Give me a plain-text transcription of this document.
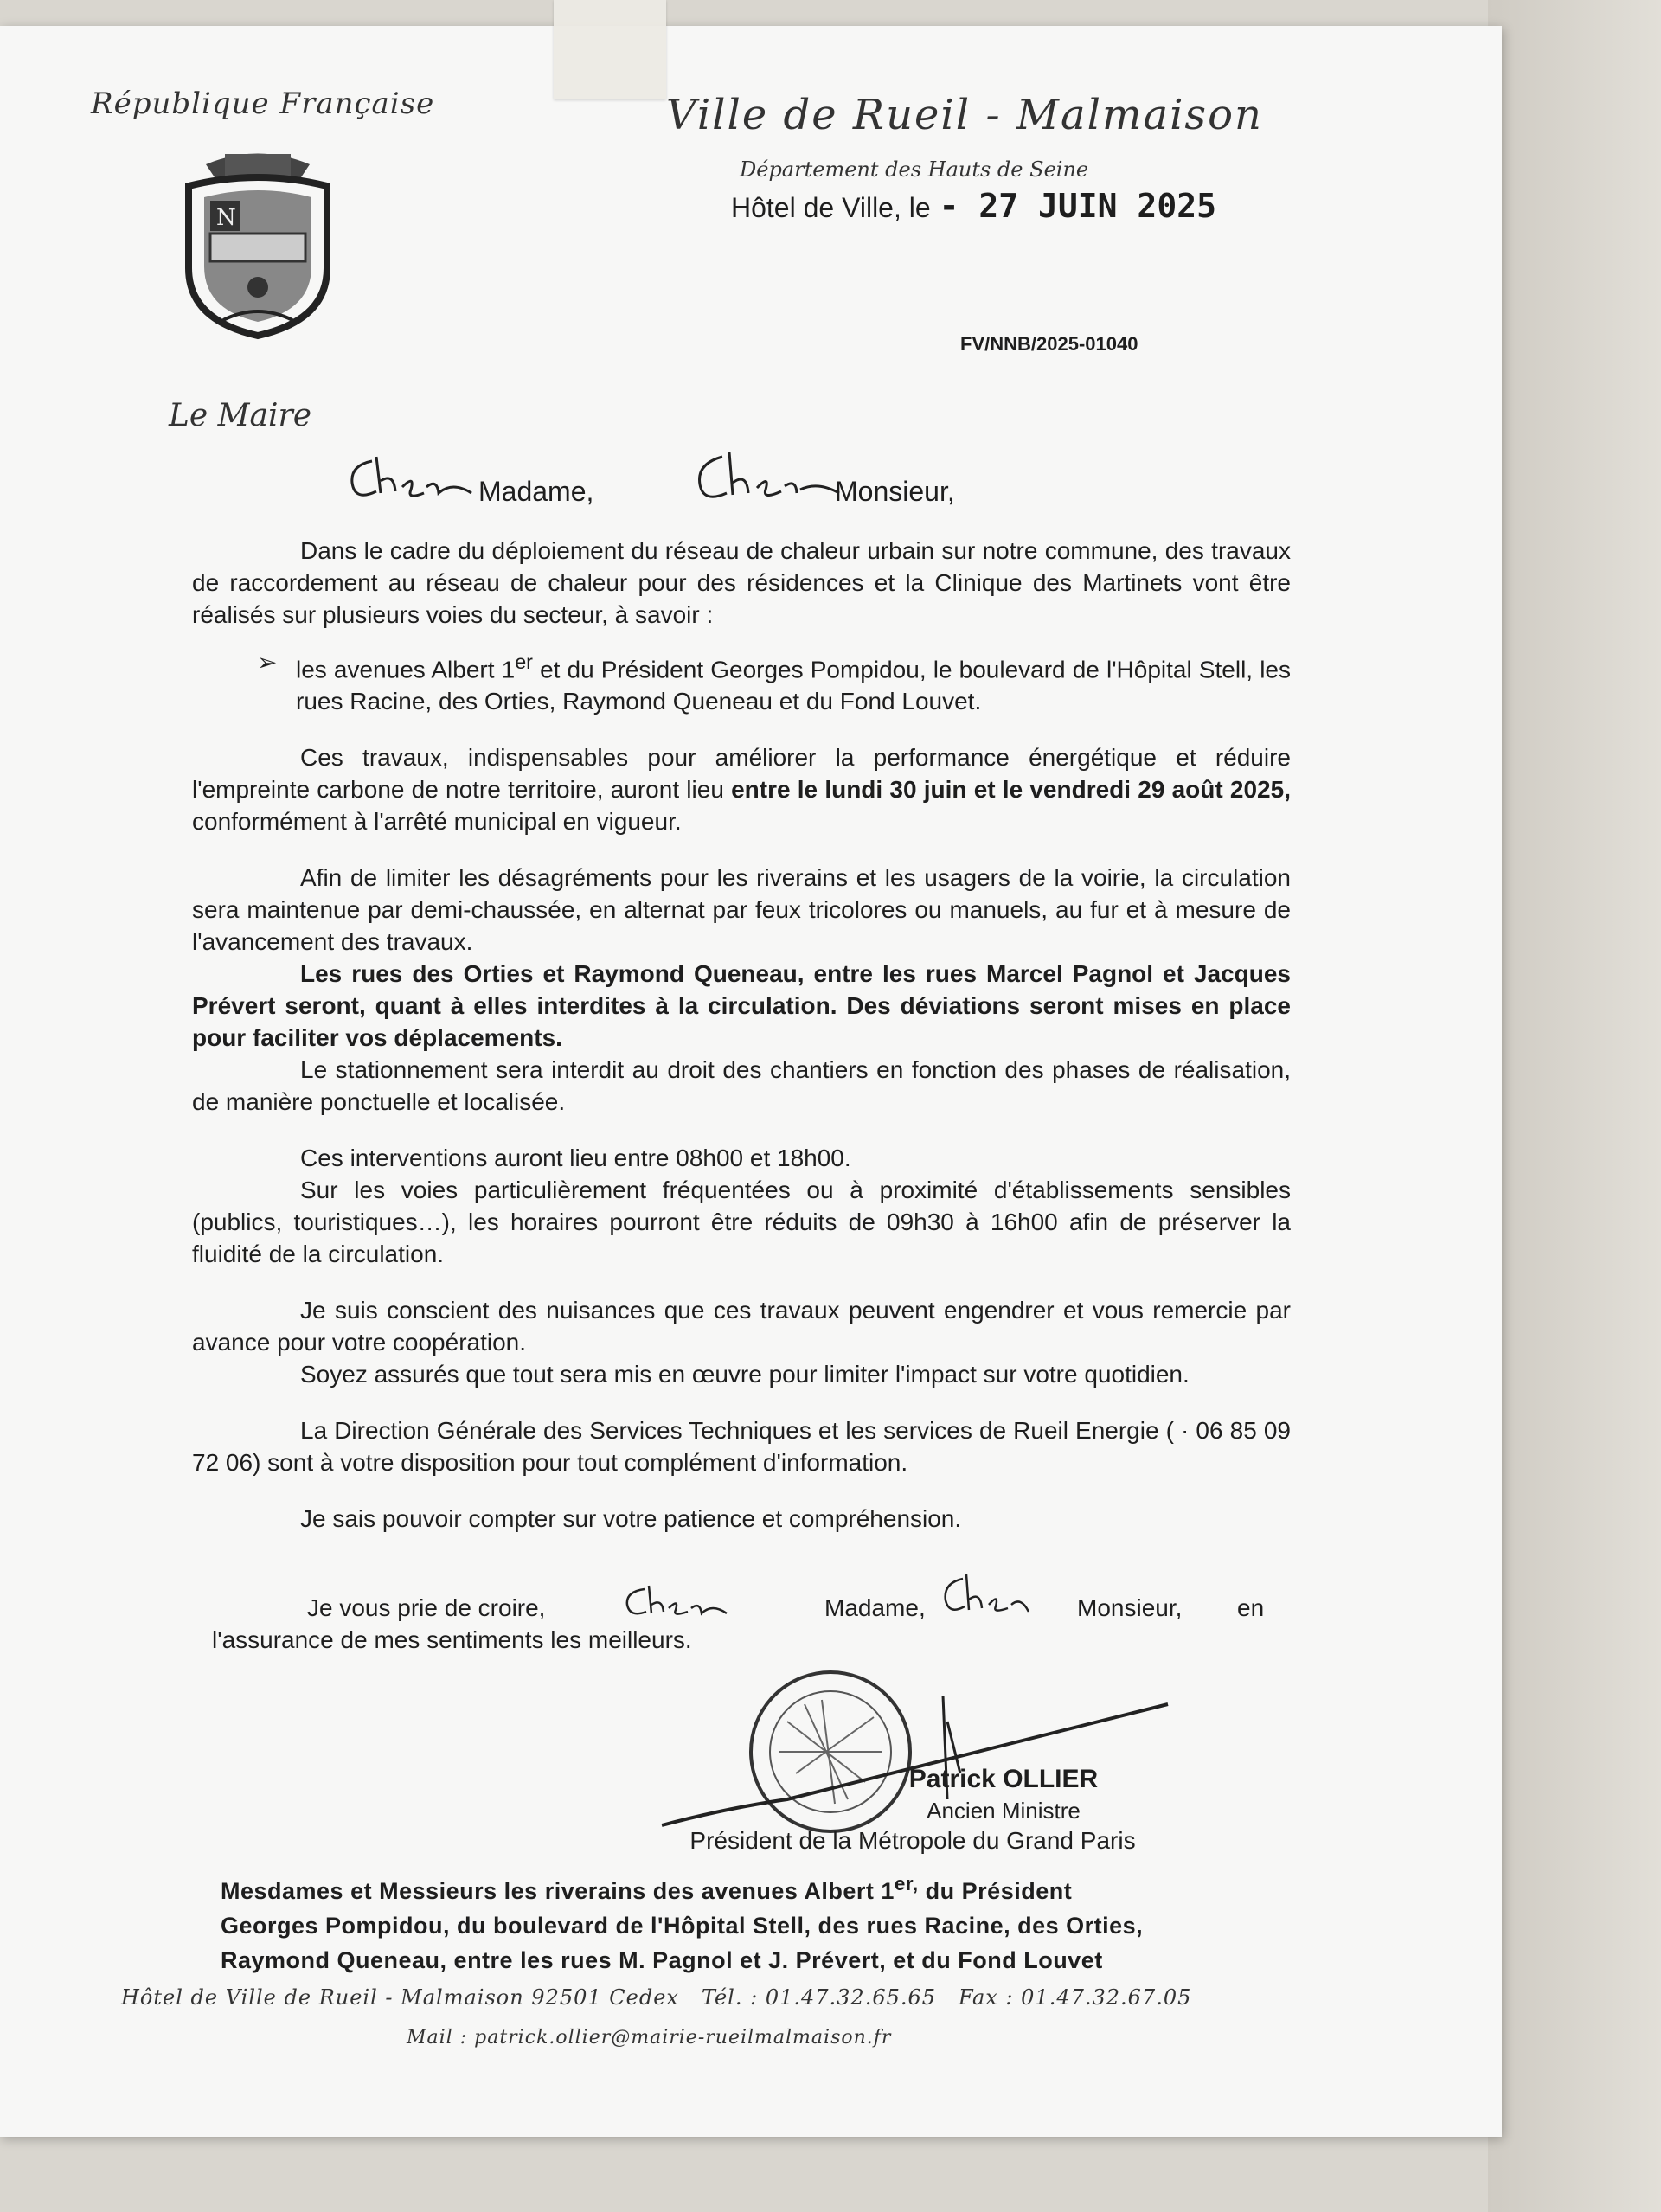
République Française	Ville de Rueil - Malmaison
Département des Hauts de Seine
Hôtel de Ville, le - 27 JUIN 2025
N
FV/NNB/2025-01040
Le Maire
Madame,	Monsieur,

Dans le cadre du déploiement du réseau de chaleur urbain sur notre commune, des travaux de raccordement au réseau de chaleur pour des résidences et la Clinique des Martinets vont être réalisés sur plusieurs voies du secteur, à savoir :

➢ les avenues Albert 1er et du Président Georges Pompidou, le boulevard de l'Hôpital Stell, les rues Racine, des Orties, Raymond Queneau et du Fond Louvet.

Ces travaux, indispensables pour améliorer la performance énergétique et réduire l'empreinte carbone de notre territoire, auront lieu entre le lundi 30 juin et le vendredi 29 août 2025, conformément à l'arrêté municipal en vigueur.

Afin de limiter les désagréments pour les riverains et les usagers de la voirie, la circulation sera maintenue par demi-chaussée, en alternat par feux tricolores ou manuels, au fur et à mesure de l'avancement des travaux.

Les rues des Orties et Raymond Queneau, entre les rues Marcel Pagnol et Jacques Prévert seront, quant à elles interdites à la circulation. Des déviations seront mises en place pour faciliter vos déplacements.

Le stationnement sera interdit au droit des chantiers en fonction des phases de réalisation, de manière ponctuelle et localisée.

Ces interventions auront lieu entre 08h00 et 18h00.

Sur les voies particulièrement fréquentées ou à proximité d'établissements sensibles (publics, touristiques…), les horaires pourront être réduits de 09h30 à 16h00 afin de préserver la fluidité de la circulation.

Je suis conscient des nuisances que ces travaux peuvent engendrer et vous remercie par avance pour votre coopération.

Soyez assurés que tout sera mis en œuvre pour limiter l'impact sur votre quotidien.

La Direction Générale des Services Techniques et les services de Rueil Energie ( · 06 85 09 72 06) sont à votre disposition pour tout complément d'information.

Je sais pouvoir compter sur votre patience et compréhension.

Je vous prie de croire,	Madame,	Monsieur, en
l'assurance de mes sentiments les meilleurs.
Patrick OLLIER
Ancien Ministre
Président de la Métropole du Grand Paris
Mesdames et Messieurs les riverains des avenues Albert $1^{er,}$ du Président
Georges Pompidou, du boulevard de l'Hôpital Stell, des rues Racine, des Orties,
Raymond Queneau, entre les rues M. Pagnol et J. Prévert, et du Fond Louvet
Hôtel de Ville de Rueil - Malmaison 92501 Cedex Tél. : 01.47.32.65.65 Fax : 01.47.32.67.05
Mail : patrick.ollier@mairie-rueilmalmaison.fr
